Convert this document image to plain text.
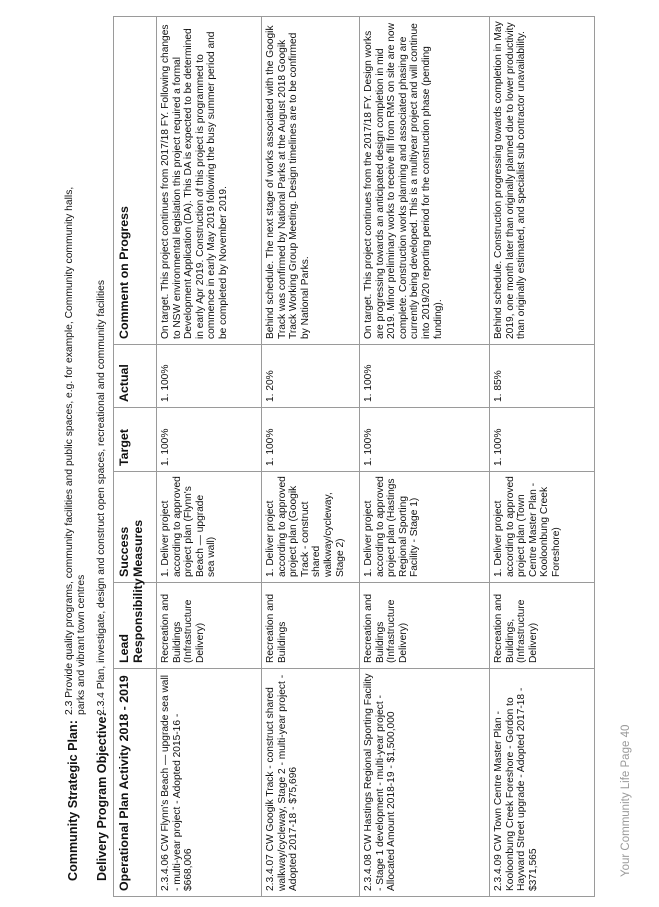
Your Community Life Page 40
Community Strategic Plan:
2.3 Provide quality programs, community facilities and public spaces, e.g. for example, Community community halls, parks and vibrant town centres
Delivery Program Objective:
2.3.4 Plan, investigate, design and construct open spaces, recreational and community facilities
Operational Plan Activity 2018 - 2019	Lead Responsibility	Success Measures	Target	Actual	Comment on Progress
2.3.4.06 CW Flynn's Beach — upgrade sea wall - multi-year project - Adopted 2015-16 - $668,006	Recreation and Buildings (Infrastructure Delivery)	1. Deliver project according to approved project plan (Flynn's Beach — upgrade sea wall)	1. 100%	1. 100%	On target. This project continues from 2017/18 FY. Following changes to NSW environmental legislation this project required a formal Development Application (DA). This DA is expected to be determined in early Apr 2019. Construction of this project is programmed to commence in early May 2019 following the busy summer period and be completed by November 2019.
2.3.4.07 CW Googik Track - construct shared walkway/cycleway, Stage 2 - multi-year project - Adopted 2017-18 - $75,696	Recreation and Buildings	1. Deliver project according to approved project plan (Googik Track - construct shared walkway/cycleway, Stage 2)	1. 100%	1. 20%	Behind schedule. The next stage of works associated with the Googik Track was confirmed by National Parks at the August 2018 Googik Track Working Group Meeting. Design timelines are to be confirmed by National Parks.
2.3.4.08 CW Hastings Regional Sporting Facility - Stage 1 development - multi-year project - Allocated Amount 2018-19 - $1,500,000	Recreation and Buildings (Infrastructure Delivery)	1. Deliver project according to approved project plan (Hastings Regional Sporting Facility - Stage 1)	1. 100%	1. 100%	On target. This project continues from the 2017/18 FY. Design works are progressing towards an anticipated design completion in mid 2019. Minor preliminary works to receive fill from RMS on site are now complete. Construction works planning and associated phasing are currently being developed. This is a multiyear project and will continue into 2019/20 reporting period for the construction phase (pending funding).
2.3.4.09 CW Town Centre Master Plan - Kooloonbung Creek Foreshore - Gordon to Hayward Street upgrade - Adopted 2017-18 - $371,565	Recreation and Buildings, (Infrastructure Delivery)	1. Deliver project according to approved project plan (Town Centre Master Plan - Kooloonbung Creek Foreshore)	1. 100%	1. 85%	Behind schedule. Construction progressing towards completion in May 2019, one month later than originally planned due to lower productivity than originally estimated, and specialist sub contractor unavailability.
